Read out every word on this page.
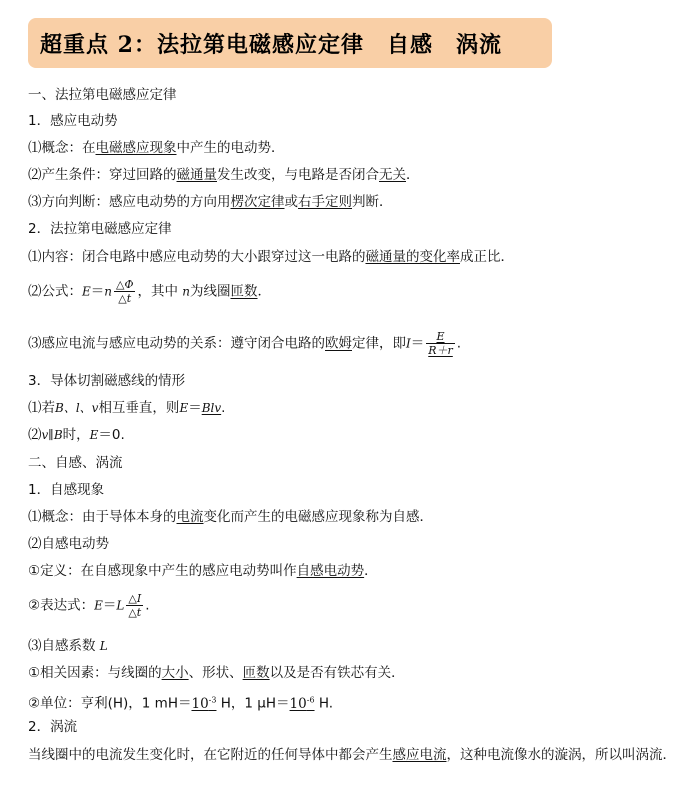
超重点 2：法拉第电磁感应定律　自感　涡流
一、法拉第电磁感应定律
1．感应电动势
⑴概念：在电磁感应现象中产生的电动势．
⑵产生条件：穿过回路的磁通量发生改变，与电路是否闭合无关．
⑶方向判断：感应电动势的方向用楞次定律或右手定则判断．
2．法拉第电磁感应定律
⑴内容：闭合电路中感应电动势的大小跟穿过这一电路的磁通量的变化率成正比．
⑵公式：$E=n \frac{\triangle\Phi}{\triangle t}$ ，其中 n为线圈匝数．
⑶感应电流与感应电动势的关系：遵守闭合电路的欧姆定律，即$I= \frac{E}{R+r}$ .
3．导体切割磁感线的情形
⑴若B、l、v相互垂直，则E＝Blv.
⑵v∥B时，E＝0.
二、自感、涡流
1．自感现象
⑴概念：由于导体本身的电流变化而产生的电磁感应现象称为自感．
⑵自感电动势
①定义：在自感现象中产生的感应电动势叫作自感电动势．
②表达式：$E=L \frac{\triangle I}{\triangle t}$ .
⑶自感系数 L
①相关因素：与线圈的大小、形状、匝数以及是否有铁芯有关．
②单位：亨利(H)，1 $mH=10^{-3}$ H，1 $\mu H=10^{-6}$ H.
2．涡流
当线圈中的电流发生变化时，在它附近的任何导体中都会产生感应电流，这种电流像水的漩涡，所以叫涡流．
